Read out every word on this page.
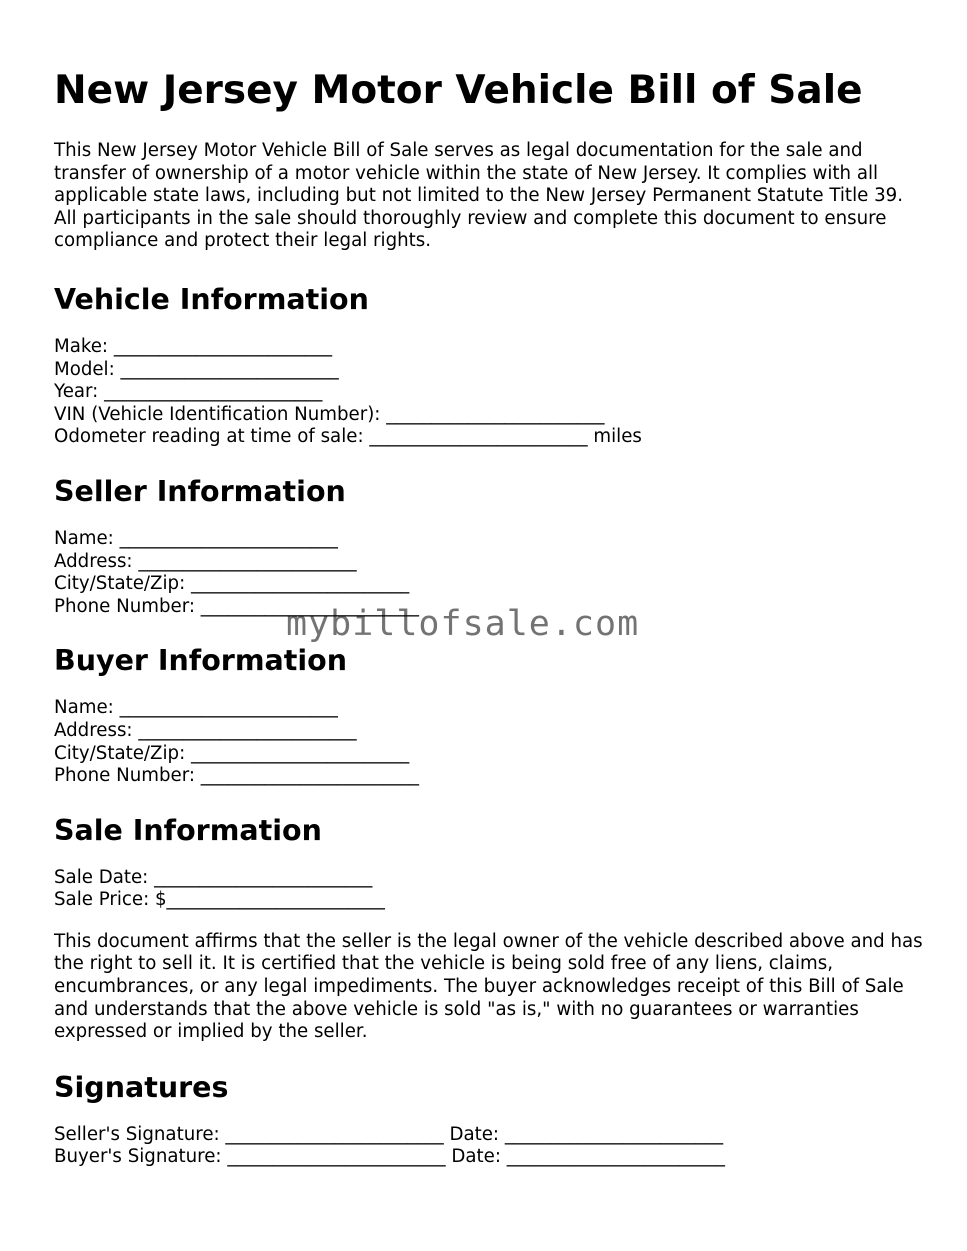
New Jersey Motor Vehicle Bill of Sale

This New Jersey Motor Vehicle Bill of Sale serves as legal documentation for the sale and transfer of ownership of a motor vehicle within the state of New Jersey. It complies with all applicable state laws, including but not limited to the New Jersey Permanent Statute Title 39. All participants in the sale should thoroughly review and complete this document to ensure compliance and protect their legal rights.

Vehicle Information
Make: ________________________
Model: ________________________
Year: ________________________
VIN (Vehicle Identification Number): ________________________
Odometer reading at time of sale: ________________________ miles
Seller Information
Name: ________________________
Address: ________________________
City/State/Zip: ________________________
Phone Number: ________________________
Buyer Information
Name: ________________________
Address: ________________________
City/State/Zip: ________________________
Phone Number: ________________________
Sale Information
Sale Date: ________________________
Sale Price: $________________________

This document affirms that the seller is the legal owner of the vehicle described above and has the right to sell it. It is certified that the vehicle is being sold free of any liens, claims, encumbrances, or any legal impediments. The buyer acknowledges receipt of this Bill of Sale and understands that the above vehicle is sold "as is," with no guarantees or warranties expressed or implied by the seller.

Signatures
Seller's Signature: ________________________ Date: ________________________
Buyer's Signature: ________________________ Date: ________________________
mybillofsale.com
